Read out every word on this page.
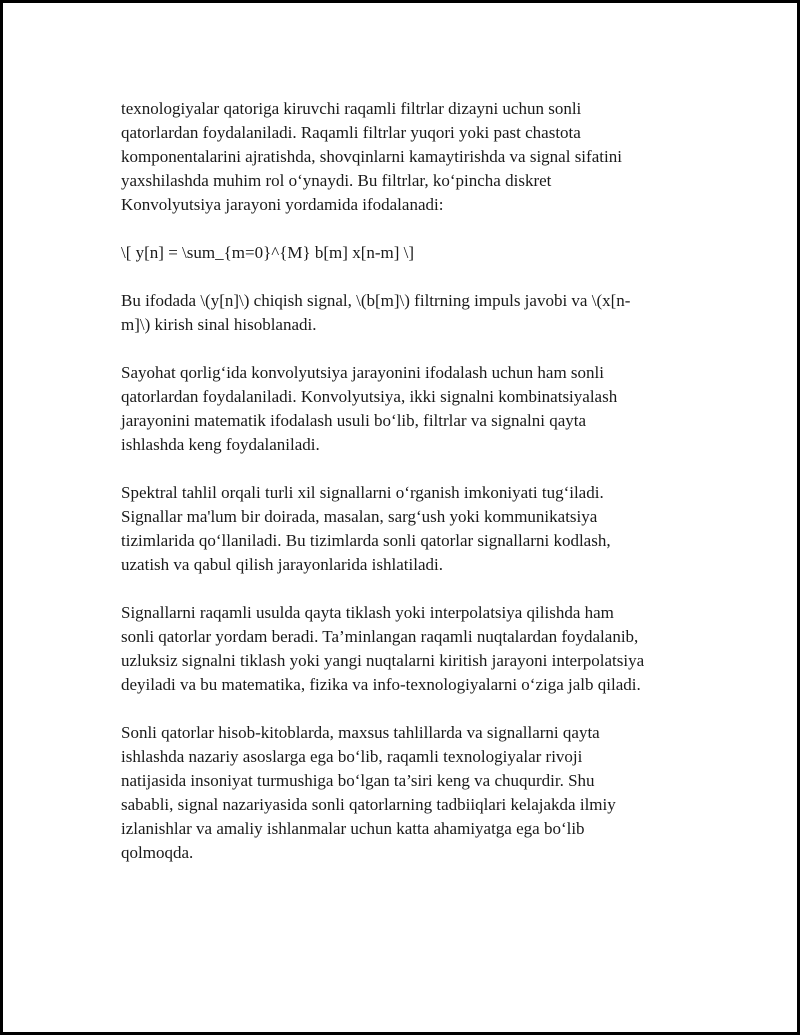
texnologiyalar qatoriga kiruvchi raqamli filtrlar dizayni uchun sonli
qatorlardan foydalaniladi. Raqamli filtrlar yuqori yoki past chastota
komponentalarini ajratishda, shovqinlarni kamaytirishda va signal sifatini
yaxshilashda muhim rol o‘ynaydi. Bu filtrlar, ko‘pincha diskret
Konvolyutsiya jarayoni yordamida ifodalanadi:

\[ y[n] = \sum_{m=0}^{M} b[m] x[n-m] \]

Bu ifodada \(y[n]\) chiqish signal, \(b[m]\) filtrning impuls javobi va \(x[n-
m]\) kirish sinal hisoblanadi.

Sayohat qorlig‘ida konvolyutsiya jarayonini ifodalash uchun ham sonli
qatorlardan foydalaniladi. Konvolyutsiya, ikki signalni kombinatsiyalash
jarayonini matematik ifodalash usuli bo‘lib, filtrlar va signalni qayta
ishlashda keng foydalaniladi.

Spektral tahlil orqali turli xil signallarni o‘rganish imkoniyati tug‘iladi.
Signallar ma'lum bir doirada, masalan, sarg‘ush yoki kommunikatsiya
tizimlarida qo‘llaniladi. Bu tizimlarda sonli qatorlar signallarni kodlash,
uzatish va qabul qilish jarayonlarida ishlatiladi.

Signallarni raqamli usulda qayta tiklash yoki interpolatsiya qilishda ham
sonli qatorlar yordam beradi. Ta’minlangan raqamli nuqtalardan foydalanib,
uzluksiz signalni tiklash yoki yangi nuqtalarni kiritish jarayoni interpolatsiya
deyiladi va bu matematika, fizika va info-texnologiyalarni o‘ziga jalb qiladi.

Sonli qatorlar hisob-kitoblarda, maxsus tahlillarda va signallarni qayta
ishlashda nazariy asoslarga ega bo‘lib, raqamli texnologiyalar rivoji
natijasida insoniyat turmushiga bo‘lgan ta’siri keng va chuqurdir. Shu
sababli, signal nazariyasida sonli qatorlarning tadbiiqlari kelajakda ilmiy
izlanishlar va amaliy ishlanmalar uchun katta ahamiyatga ega bo‘lib
qolmoqda.
